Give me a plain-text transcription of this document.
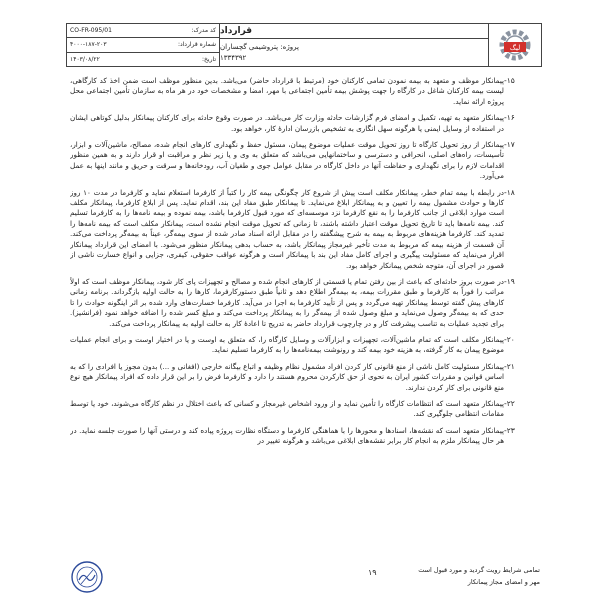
CO-FR-095/01	کد مدرک:
۴۰۰۰-۱۸۷-۲۰۳	شماره قرارداد:
۱۴۰۳/۰۸/۲۲	تاریخ:
قرارداد
پروژه: پتروشیمی گچساران
۱۳۳۴۳۹۲
لیگ
-۱۵
پیمانکار موظف و متعهد به بیمه نمودن تمامی کارکنان خود (مرتبط با قرارداد حاضر) می‌باشد. بدین منظور موظف است ضمن اخذ کد کارگاهی، لیست بیمه کارکنان شاغل در کارگاه را جهت پوشش بیمه تأمین اجتماعی با مهر، امضا و مشخصات خود در هر ماه به سازمان تأمین اجتماعی محل پروژه ارائه نماید.
-۱۶
پیمانکار متعهد به تهیه، تکمیل و امضای فرم گزارشات حادثه وزارت کار می‌باشد. در صورت وقوع حادثه برای کارکنان پیمانکار بدلیل کوتاهی ایشان در استفاده از وسایل ایمنی یا هرگونه سهل انگاری به تشخیص بازرسان ادارهٔ کار، خواهد بود.
-۱۷
پیمانکار از روز تحویل کارگاه تا روز تحویل موقت عملیات موضوع پیمان، مسئول حفظ و نگهداری کارهای انجام شده، مصالح، ماشین‌آلات و ابزار، تأسیسات، راه‌های اصلی، انحرافی و دسترسی و ساختمانهایی می‌باشد که متعلق به وی و یا زیر نظر و مراقبت او قرار دارند و به همین منظور اقدامات لازم را برای نگهداری و حفاظت آنها در داخل کارگاه در مقابل عوامل جوی و طغیان آب، رودخانه‌ها و سرقت و حریق و مانند اینها به عمل می‌آورد.
-۱۸
در رابطه با بیمه تمام خطر، پیمانکار مکلف است پیش از شروع کار چگونگی بیمه کار را کتباً از کارفرما استعلام نماید و کارفرما در مدت ۱۰ روز کارها و حوادث مشمول بیمه را تعیین و به پیمانکار ابلاغ می‌نماید. تا پیمانکار طبق مفاد این بند، اقدام نماید. پس از ابلاغ کارفرما، پیمانکار مکلف است موارد ابلاغی از جانب کارفرما را به نفع کارفرما نزد موسسه‌ای که مورد قبول کارفرما باشد، بیمه نموده و بیمه نامه‌ها را به کارفرما تسلیم کند. بیمه نامه‌ها باید تا تاریخ تحویل موقت اعتبار داشته باشند، تا زمانی که تحویل موقت انجام نشده است، پیمانکار مکلف است که بیمه نامه‌ها را تمدید کند. کارفرما هزینه‌های مربوط به بیمه به شرح پیشگفته را در مقابل ارائه اسناد صادر شده از سوی بیمه‌گر، عیناً به بیمه‌گر پرداخت می‌کند. آن قسمت از هزینه بیمه که مربوط به مدت تأخیر غیرمجاز پیمانکار باشد، به حساب بدهی پیمانکار منظور می‌شود. با امضای این قرارداد پیمانکار اقرار می‌نماید که مسئولیت پیگیری و اجرای کامل مفاد این بند با پیمانکار است و هرگونه عواقب حقوقی، کیفری، جزایی و انواع خسارت ناشی از قصور در اجرای آن، متوجه شخص پیمانکار خواهد بود.
-۱۹
در صورت بروز حادثه‌ای که باعث از بین رفتن تمام یا قسمتی از کارهای انجام شده و مصالح و تجهیزات پای کار شود، پیمانکار موظف است که اولاً مراتب را فوراً به کارفرما و طبق مقررات بیمه، به بیمه‌گر اطلاع دهد و ثانیاً طبق دستورکارفرما، کارها را به حالت اولیه بازگرداند. برنامه زمانی کارهای پیش گفته توسط پیمانکار تهیه می‌گردد و پس از تأیید کارفرما به اجرا در می‌آید. کارفرما خسارت‌های وارد شده بر اثر اینگونه حوادث را تا حدی که به بیمه‌گر وصول می‌نماید و مبلغ وصول شده از بیمه‌گر را به پیمانکار پرداخت می‌کند و مبلغ کسر شده را اضافه خواهد نمود (فرانشیز). برای تجدید عملیات به تناسب پیشرفت کار و در چارچوب قرارداد حاضر به تدریج تا اعادهٔ کار به حالت اولیه به پیمانکار پرداخت می‌کند.
-۲۰
پیمانکار مکلف است که تمام ماشین‌آلات، تجهیزات و ابزارآلات و وسایل کارگاه را، که متعلق به اوست و یا در اختیار اوست و برای انجام عملیات موضوع پیمان به کار گرفته، به هزینه خود بیمه کند و رونوشت بیمه‌نامه‌ها را به کارفرما تسلیم نماید.
-۲۱
پیمانکار مسئولیت کامل ناشی از منع قانونی کار کردن افراد مشمول نظام وظیفه و اتباع بیگانه خارجی (افغانی و ...) بدون مجوز یا افرادی را که به اساس قوانین و مقررات کشور ایران به نحوی از حق کارکردن محروم هستند را دارد و کارفرما فرض را بر این قرار داده که افراد پیمانکار هیچ نوع منع قانونی برای کار کردن ندارند.
-۲۲
پیمانکار متعهد است که انتظامات کارگاه را تأمین نماید و از ورود اشخاص غیرمجاز و کسانی که باعث اختلال در نظم کارگاه می‌شوند، خود یا توسط مقامات انتظامی جلوگیری کند.
-۲۳
پیمانکار متعهد است که نقشه‌ها، اسنادها و محورها را با هماهنگی کارفرما و دستگاه نظارت پروژه پیاده کند و درستی آنها را صورت جلسه نماید. در هر حال پیمانکار ملزم به انجام کار برابر نقشه‌های ابلاغی می‌باشد و هرگونه تغییر در
۱۹	تمامی شرایط رویت گردید و مورد قبول است
مهر و امضای مجاز پیمانکار
